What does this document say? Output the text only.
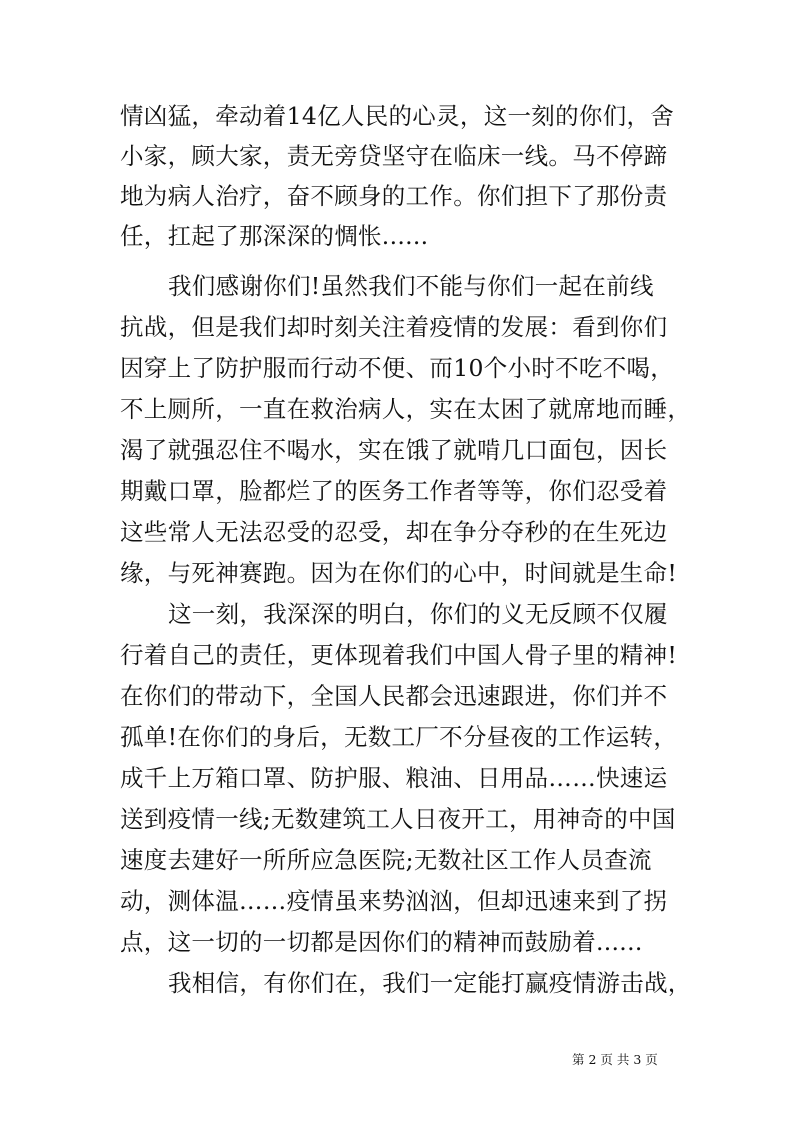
情凶猛，牵动着14亿人民的心灵，这一刻的你们，舍
小家，顾大家，责无旁贷坚守在临床一线。马不停蹄
地为病人治疗，奋不顾身的工作。你们担下了那份责
任，扛起了那深深的惆怅......
我们感谢你们!虽然我们不能与你们一起在前线
抗战，但是我们却时刻关注着疫情的发展：看到你们
因穿上了防护服而行动不便、而10个小时不吃不喝，
不上厕所，一直在救治病人，实在太困了就席地而睡，
渴了就强忍住不喝水，实在饿了就啃几口面包，因长
期戴口罩，脸都烂了的医务工作者等等，你们忍受着
这些常人无法忍受的忍受，却在争分夺秒的在生死边
缘，与死神赛跑。因为在你们的心中，时间就是生命!
这一刻，我深深的明白，你们的义无反顾不仅履
行着自己的责任，更体现着我们中国人骨子里的精神!
在你们的带动下，全国人民都会迅速跟进，你们并不
孤单!在你们的身后，无数工厂不分昼夜的工作运转，
成千上万箱口罩、防护服、粮油、日用品……快速运
送到疫情一线;无数建筑工人日夜开工，用神奇的中国
速度去建好一所所应急医院;无数社区工作人员查流
动，测体温……疫情虽来势汹汹，但却迅速来到了拐
点，这一切的一切都是因你们的精神而鼓励着......
我相信，有你们在，我们一定能打赢疫情游击战，
第 2 页 共 3 页
